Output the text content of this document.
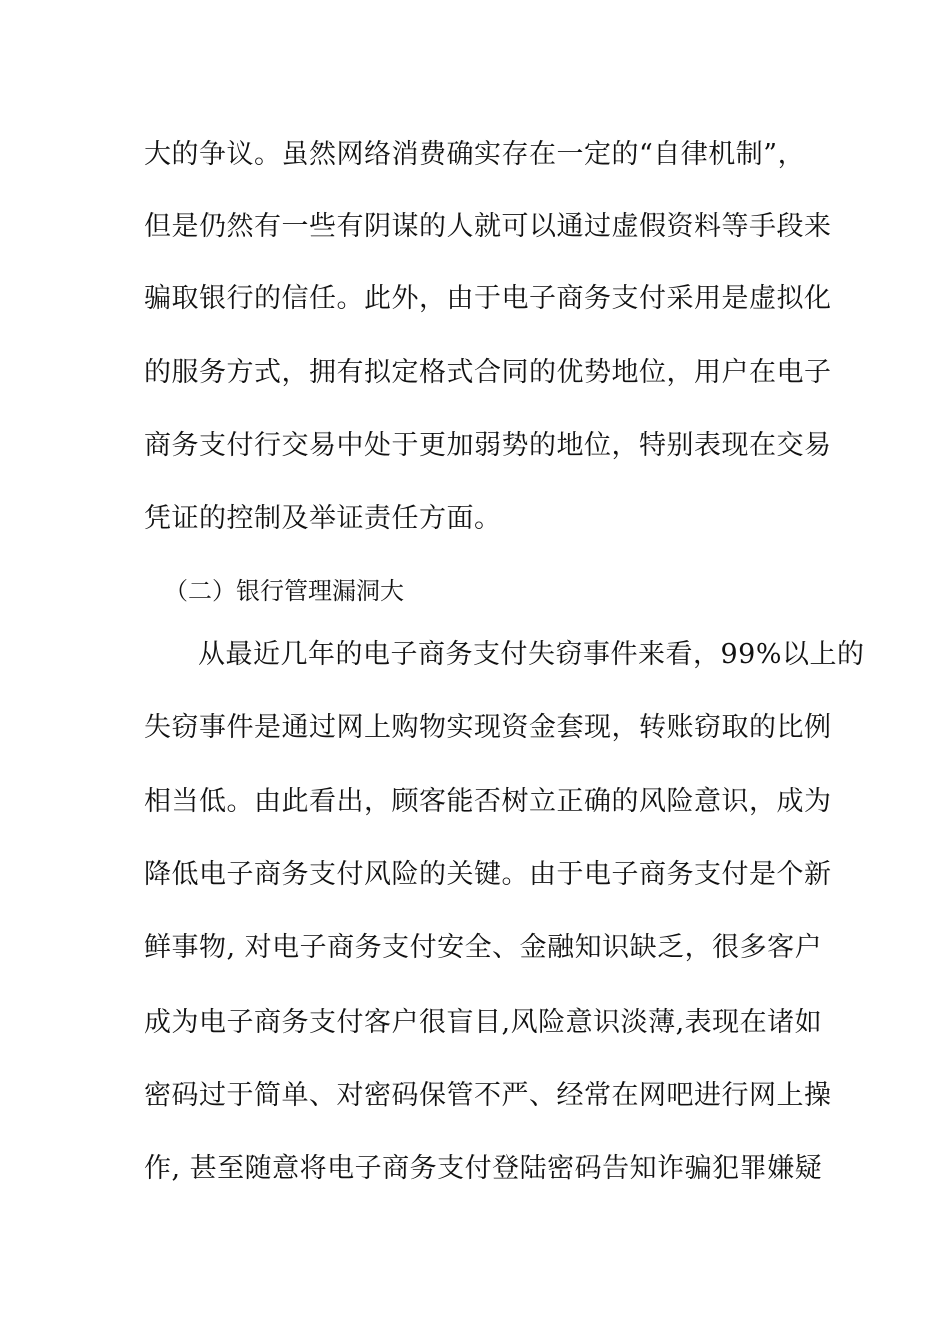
大的争议。虽然网络消费确实存在一定的“自律机制”，
但是仍然有一些有阴谋的人就可以通过虚假资料等手段来
骗取银行的信任。此外，由于电子商务支付采用是虚拟化
的服务方式，拥有拟定格式合同的优势地位，用户在电子
商务支付行交易中处于更加弱势的地位，特别表现在交易
凭证的控制及举证责任方面。
（二）银行管理漏洞大
从最近几年的电子商务支付失窃事件来看，99%以上的
失窃事件是通过网上购物实现资金套现，转账窃取的比例
相当低。由此看出，顾客能否树立正确的风险意识，成为
降低电子商务支付风险的关键。由于电子商务支付是个新
鲜事物, 对电子商务支付安全、金融知识缺乏，很多客户
成为电子商务支付客户很盲目,风险意识淡薄,表现在诸如
密码过于简单、对密码保管不严、经常在网吧进行网上操
作, 甚至随意将电子商务支付登陆密码告知诈骗犯罪嫌疑
